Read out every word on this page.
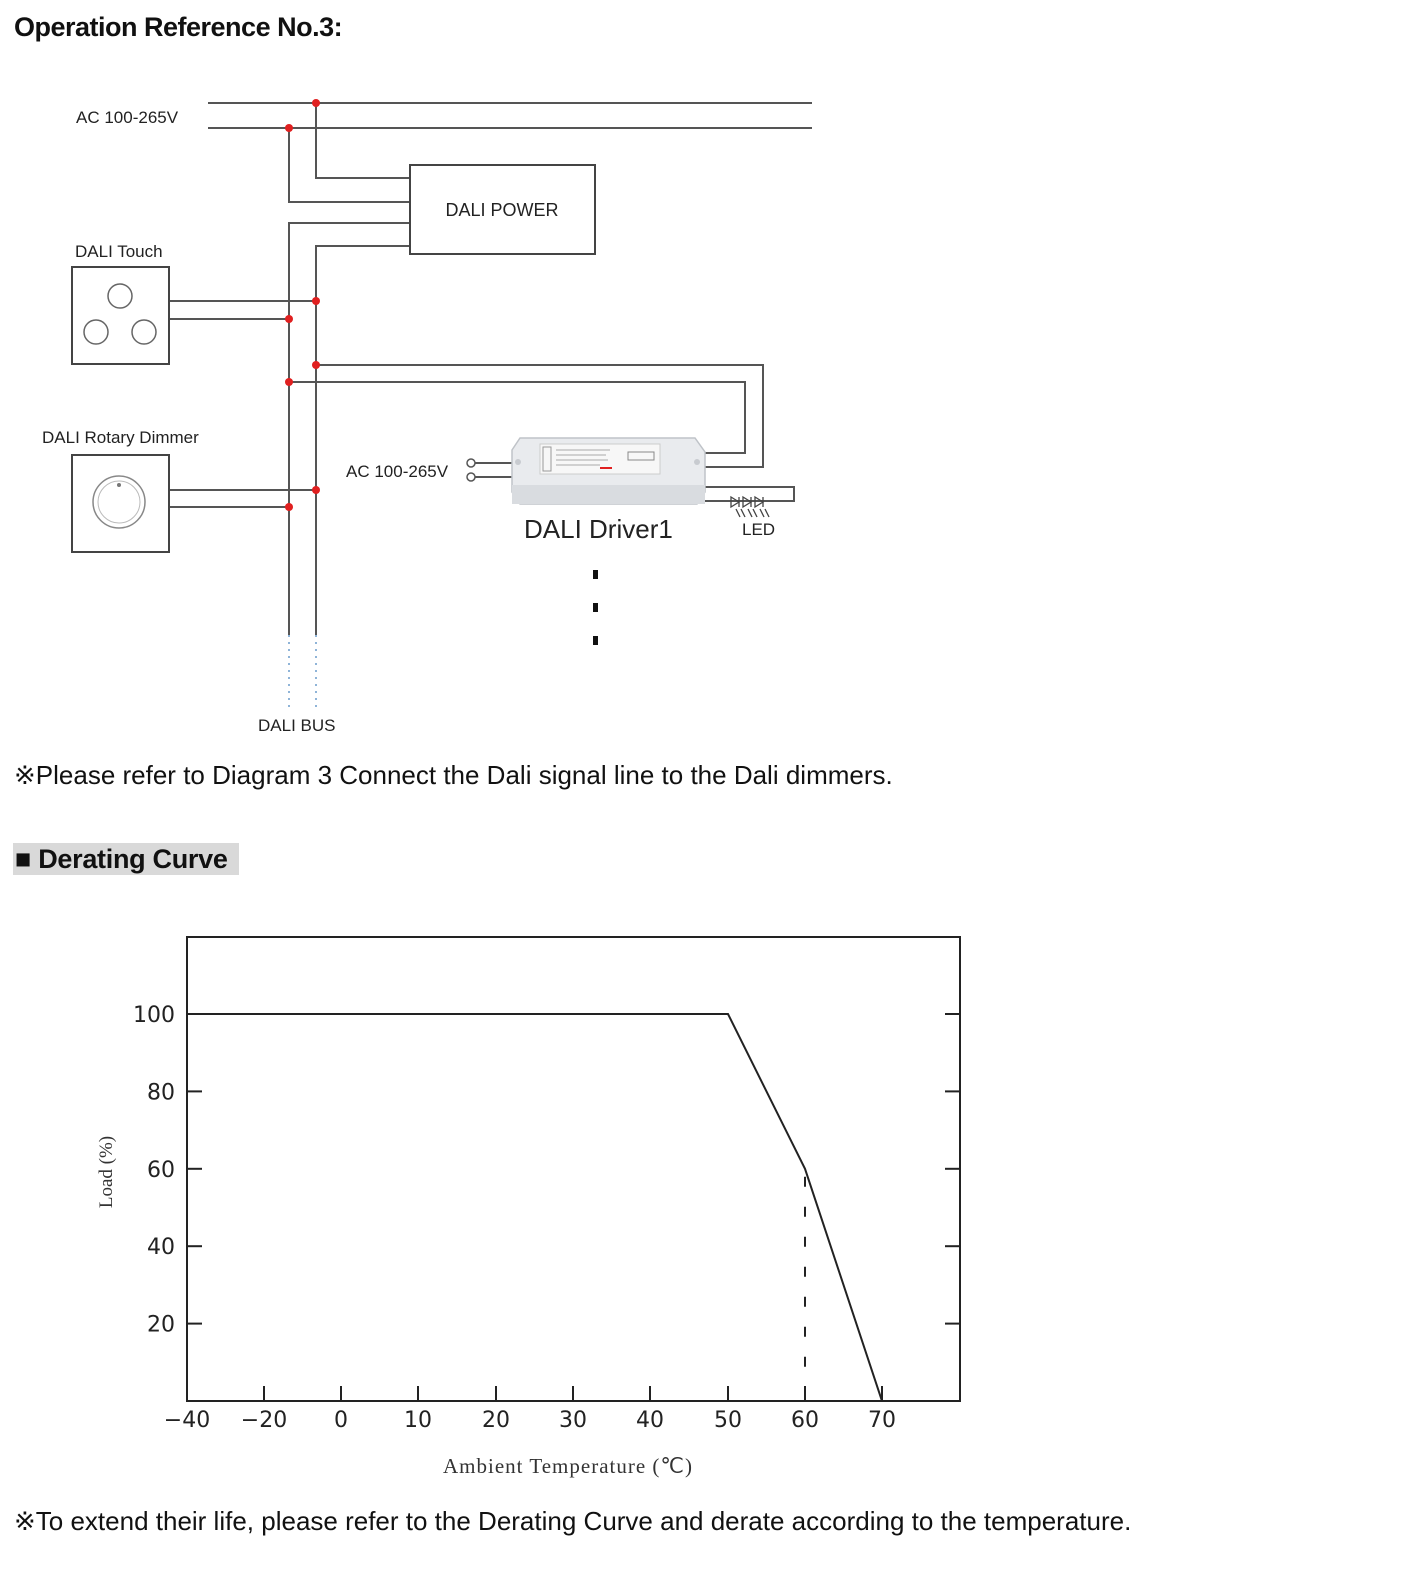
Operation Reference No.3:
DALI POWER
AC 100-265V
DALI Touch
DALI Rotary Dimmer
AC 100-265V
DALI Driver1	LED
DALI BUS
※Please refer to Diagram 3 Connect the Dali signal line to the Dali dimmers.
■ Derating Curve
20
40
60
80
100
−40 −20 0	10 20 30 40 50 60 70
Load (%)
Ambient Temperature (℃)
※To extend their life, please refer to the Derating Curve and derate according to the temperature.
